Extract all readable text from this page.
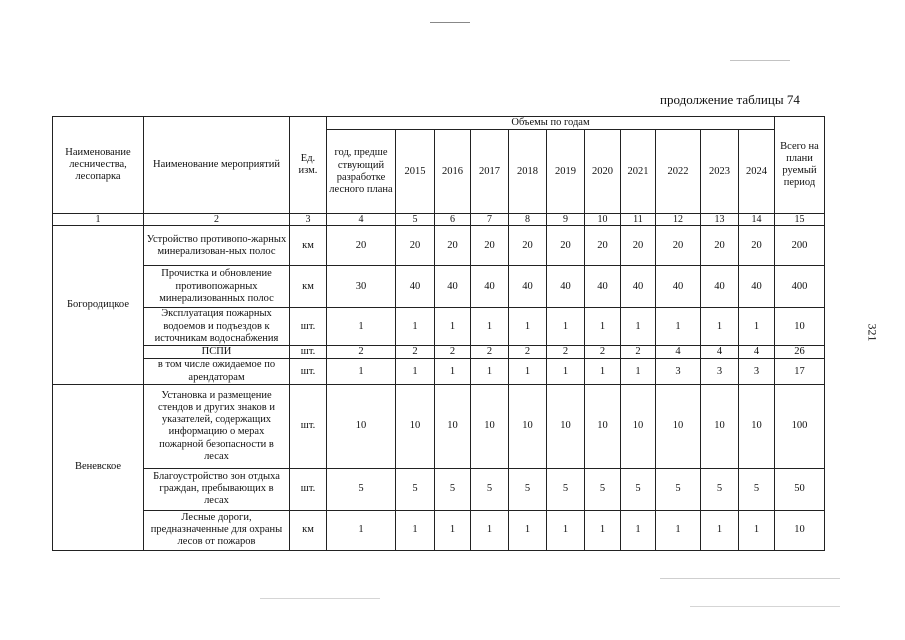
продолжение таблицы 74
321
Наименование лесничества, лесопарка	Наименование мероприятий	Ед. изм.	Объемы по годам											Всего на плани руемый период
			год, предше ствующий разработке лесного плана	2015	2016	2017	2018	2019	2020	2021	2022	2023	2024	
1	2	3	4	5	6	7	8	9	10	11	12	13	14	15
Богородицкое	Устройство противопо-жарных минерализован-ных полос	км	20	20	20	20	20	20	20	20	20	20	20	200
	Прочистка и обновление противопожарных минерализованных полос	км	30	40	40	40	40	40	40	40	40	40	40	400
	Эксплуатация пожарных водоемов и подъездов к источникам водоснабжения	шт.	1	1	1	1	1	1	1	1	1	1	1	10
	ПСПИ	шт.	2	2	2	2	2	2	2	2	4	4	4	26
	в том числе ожидаемое по арендаторам	шт.	1	1	1	1	1	1	1	1	3	3	3	17
Веневское	Установка и размещение стендов и других знаков и указателей, содержащих информацию о мерах пожарной безопасности в лесах	шт.	10	10	10	10	10	10	10	10	10	10	10	100
	Благоустройство зон отдыха граждан, пребывающих в лесах	шт.	5	5	5	5	5	5	5	5	5	5	5	50
	Лесные дороги, предназначенные для охраны лесов от пожаров	км	1	1	1	1	1	1	1	1	1	1	1	10
